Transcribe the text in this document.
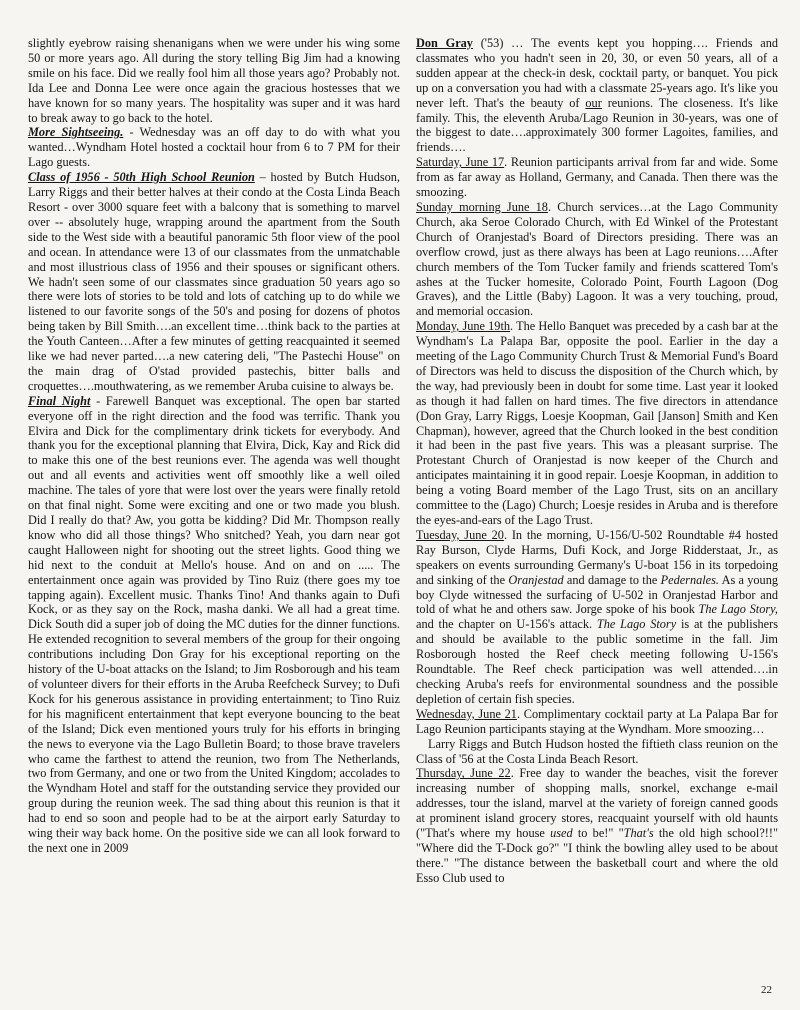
slightly eyebrow raising shenanigans when we were under his wing some 50 or more years ago. All during the story telling Big Jim had a knowing smile on his face. Did we really fool him all those years ago? Probably not. Ida Lee and Donna Lee were once again the gracious hostesses that we have known for so many years. The hospitality was super and it was hard to break away to go back to the hotel.

More Sightseeing. - Wednesday was an off day to do with what you wanted…Wyndham Hotel hosted a cocktail hour from 6 to 7 PM for their Lago guests.

Class of 1956 - 50th High School Reunion – hosted by Butch Hudson, Larry Riggs and their better halves at their condo at the Costa Linda Beach Resort - over 3000 square feet with a balcony that is something to marvel over -- absolutely huge, wrapping around the apartment from the South side to the West side with a beautiful panoramic 5th floor view of the pool and ocean. In attendance were 13 of our classmates from the unmatchable and most illustrious class of 1956 and their spouses or significant others. We hadn't seen some of our classmates since graduation 50 years ago so there were lots of stories to be told and lots of catching up to do while we listened to our favorite songs of the 50's and posing for dozens of photos being taken by Bill Smith….an excellent time…think back to the parties at the Youth Canteen…After a few minutes of getting reacquainted it seemed like we had never parted….a new catering deli, "The Pastechi House" on the main drag of O'stad provided pastechis, bitter balls and croquettes….mouthwatering, as we remember Aruba cuisine to always be.

Final Night - Farewell Banquet was exceptional. The open bar started everyone off in the right direction and the food was terrific. Thank you Elvira and Dick for the complimentary drink tickets for everybody. And thank you for the exceptional planning that Elvira, Dick, Kay and Rick did to make this one of the best reunions ever. The agenda was well thought out and all events and activities went off smoothly like a well oiled machine. The tales of yore that were lost over the years were finally retold on that final night. Some were exciting and one or two made you blush. Did I really do that? Aw, you gotta be kidding? Did Mr. Thompson really know who did all those things? Who snitched? Yeah, you darn near got caught Halloween night for shooting out the street lights. Good thing we hid next to the conduit at Mello's house. And on and on ..... The entertainment once again was provided by Tino Ruiz (there goes my toe tapping again). Excellent music. Thanks Tino! And thanks again to Dufi Kock, or as they say on the Rock, masha danki. We all had a great time. Dick South did a super job of doing the MC duties for the dinner functions. He extended recognition to several members of the group for their ongoing contributions including Don Gray for his exceptional reporting on the history of the U-boat attacks on the Island; to Jim Rosborough and his team of volunteer divers for their efforts in the Aruba Reefcheck Survey; to Dufi Kock for his generous assistance in providing entertainment; to Tino Ruiz for his magnificent entertainment that kept everyone bouncing to the beat of the Island; Dick even mentioned yours truly for his efforts in bringing the news to everyone via the Lago Bulletin Board; to those brave travelers who came the farthest to attend the reunion, two from The Netherlands, two from Germany, and one or two from the United Kingdom; accolades to the Wyndham Hotel and staff for the outstanding service they provided our group during the reunion week. The sad thing about this reunion is that it had to end so soon and people had to be at the airport early Saturday to wing their way back home. On the positive side we can all look forward to the next one in 2009

Don Gray ('53) … The events kept you hopping…. Friends and classmates who you hadn't seen in 20, 30, or even 50 years, all of a sudden appear at the check-in desk, cocktail party, or banquet. You pick up on a conversation you had with a classmate 25-years ago. It's like you never left. That's the beauty of our reunions. The closeness. It's like family. This, the eleventh Aruba/Lago Reunion in 30-years, was one of the biggest to date….approximately 300 former Lagoites, families, and friends….

Saturday, June 17. Reunion participants arrival from far and wide. Some from as far away as Holland, Germany, and Canada. Then there was the smoozing.

Sunday morning June 18. Church services…at the Lago Community Church, aka Seroe Colorado Church, with Ed Winkel of the Protestant Church of Oranjestad's Board of Directors presiding. There was an overflow crowd, just as there always has been at Lago reunions….After church members of the Tom Tucker family and friends scattered Tom's ashes at the Tucker homesite, Colorado Point, Fourth Lagoon (Dog Graves), and the Little (Baby) Lagoon. It was a very touching, proud, and memorial occasion.

Monday, June 19th. The Hello Banquet was preceded by a cash bar at the Wyndham's La Palapa Bar, opposite the pool. Earlier in the day a meeting of the Lago Community Church Trust & Memorial Fund's Board of Directors was held to discuss the disposition of the Church which, by the way, had previously been in doubt for some time. Last year it looked as though it had fallen on hard times. The five directors in attendance (Don Gray, Larry Riggs, Loesje Koopman, Gail [Janson] Smith and Ken Chapman), however, agreed that the Church looked in the best condition it had been in the past five years. This was a pleasant surprise. The Protestant Church of Oranjestad is now keeper of the Church and anticipates maintaining it in good repair. Loesje Koopman, in addition to being a voting Board member of the Lago Trust, sits on an ancillary committee to the (Lago) Church; Loesje resides in Aruba and is therefore the eyes-and-ears of the Lago Trust.

Tuesday, June 20. In the morning, U-156/U-502 Roundtable #4 hosted Ray Burson, Clyde Harms, Dufi Kock, and Jorge Ridderstaat, Jr., as speakers on events surrounding Germany's U-boat 156 in its torpedoing and sinking of the Oranjestad and damage to the Pedernales. As a young boy Clyde witnessed the surfacing of U-502 in Oranjestad Harbor and told of what he and others saw. Jorge spoke of his book The Lago Story, and the chapter on U-156's attack. The Lago Story is at the publishers and should be available to the public sometime in the fall. Jim Rosborough hosted the Reef check meeting following U-156's Roundtable. The Reef check participation was well attended….in checking Aruba's reefs for environmental soundness and the possible depletion of certain fish species.

Wednesday, June 21. Complimentary cocktail party at La Palapa Bar for Lago Reunion participants staying at the Wyndham. More smoozing…

Larry Riggs and Butch Hudson hosted the fiftieth class reunion on the Class of '56 at the Costa Linda Beach Resort.

Thursday, June 22. Free day to wander the beaches, visit the forever increasing number of shopping malls, snorkel, exchange e-mail addresses, tour the island, marvel at the variety of foreign canned goods at prominent island grocery stores, reacquaint yourself with old haunts ("That's where my house used to be!" "That's the old high school?!!" "Where did the T-Dock go?" "I think the bowling alley used to be about there." "The distance between the basketball court and where the old Esso Club used to

22
